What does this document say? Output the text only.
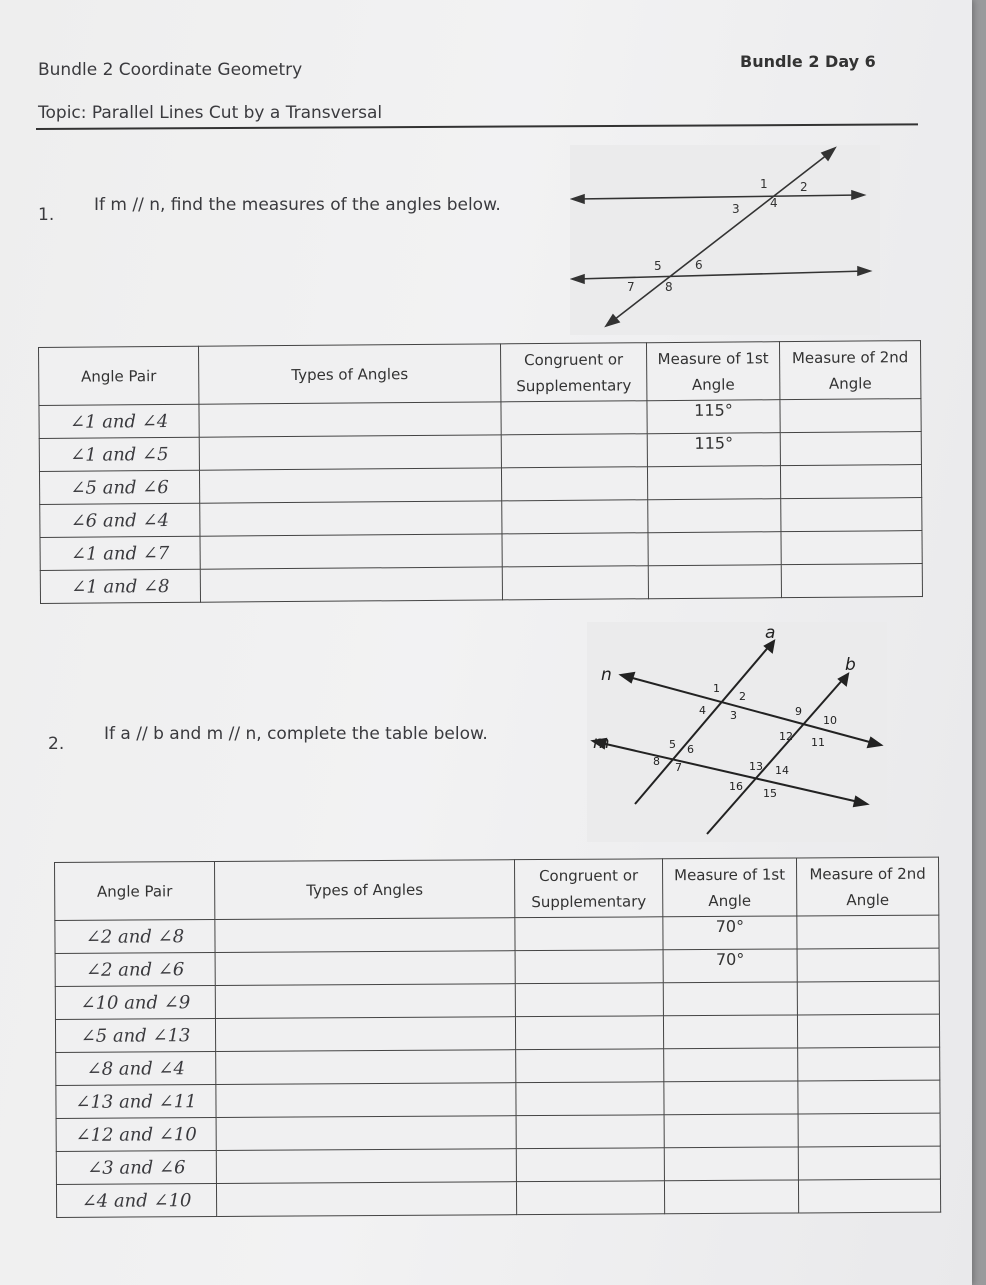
Bundle 2 Coordinate Geometry	Bundle 2 Day 6
Topic: Parallel Lines Cut by a Transversal
1. If m // n, find the measures of the angles below.
1	2
3	4
5	6
7	8
Angle Pair	Types of Angles	Congruent or Supplementary	Measure of 1st Angle	Measure of 2nd Angle
∠1 and ∠4			115°	
∠1 and ∠5			115°	
∠5 and ∠6				
∠6 and ∠4				
∠1 and ∠7				
∠1 and ∠8				
2. If a // b and m // n, complete the table below.
a
b
n
m
1
2
3
4
5 6
7
8
9
10
11
12
13 14
15
16
Angle Pair	Types of Angles	Congruent or Supplementary	Measure of 1st Angle	Measure of 2nd Angle
∠2 and ∠8			70°	
∠2 and ∠6			70°	
∠10 and ∠9				
∠5 and ∠13				
∠8 and ∠4				
∠13 and ∠11				
∠12 and ∠10				
∠3 and ∠6				
∠4 and ∠10				
